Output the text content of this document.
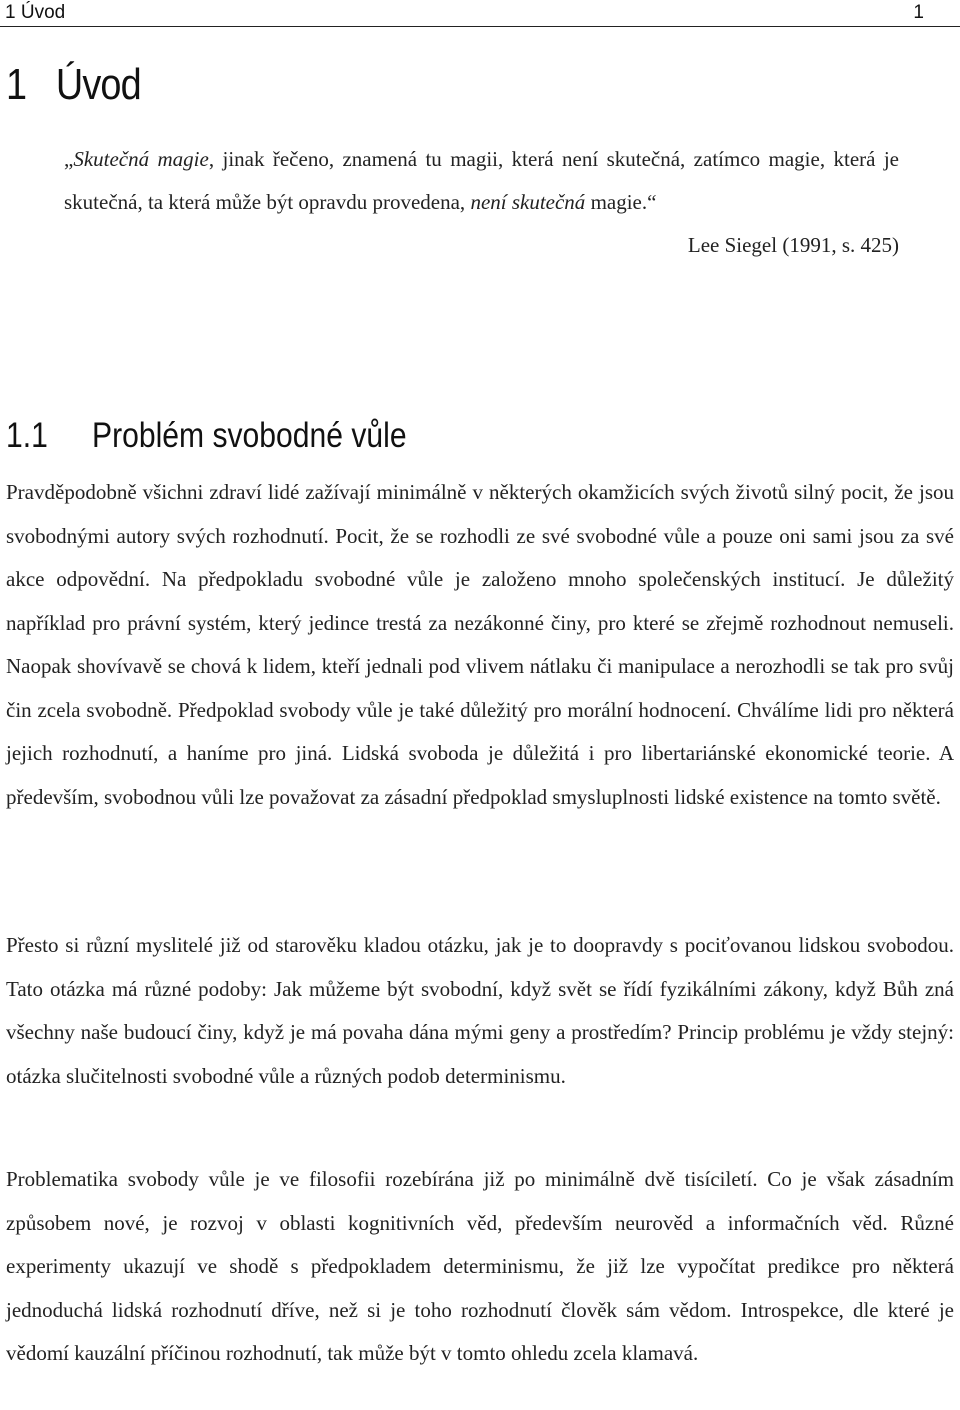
1 Úvod	1
1 Úvod

„Skutečná magie, jinak řečeno, znamená tu magii, která není skutečná, zatímco magie, která je skutečná, ta která může být opravdu provedena, není skutečná magie.“

Lee Siegel (1991, s. 425)

1.1 Problém svobodné vůle

Pravděpodobně všichni zdraví lidé zažívají minimálně v některých okamžicích svých životů silný pocit, že jsou svobodnými autory svých rozhodnutí. Pocit, že se rozhodli ze své svobodné vůle a pouze oni sami jsou za své akce odpovědní. Na předpokladu svobodné vůle je založeno mnoho společenských institucí. Je důležitý například pro právní systém, který jedince trestá za nezákonné činy, pro které se zřejmě rozhodnout nemuseli. Naopak shovívavě se chová k lidem, kteří jednali pod vlivem nátlaku či manipulace a nerozhodli se tak pro svůj čin zcela svobodně. Předpoklad svobody vůle je také důležitý pro morální hodnocení. Chválíme lidi pro některá jejich rozhodnutí, a haníme pro jiná. Lidská svoboda je důležitá i pro libertariánské ekonomické teorie. A především, svobodnou vůli lze považovat za zásadní předpoklad smysluplnosti lidské existence na tomto světě.

Přesto si různí myslitelé již od starověku kladou otázku, jak je to doopravdy s pociťovanou lidskou svobodou. Tato otázka má různé podoby: Jak můžeme být svobodní, když svět se řídí fyzikálními zákony, když Bůh zná všechny naše budoucí činy, když je má povaha dána mými geny a prostředím? Princip problému je vždy stejný: otázka slučitelnosti svobodné vůle a různých podob determinismu.

Problematika svobody vůle je ve filosofii rozebírána již po minimálně dvě tisíciletí. Co je však zásadním způsobem nové, je rozvoj v oblasti kognitivních věd, především neurověd a informačních věd. Různé experimenty ukazují ve shodě s předpokladem determinismu, že již lze vypočítat predikce pro některá jednoduchá lidská rozhodnutí dříve, než si je toho rozhodnutí člověk sám vědom. Introspekce, dle které je vědomí kauzální příčinou rozhodnutí, tak může být v tomto ohledu zcela klamavá.
